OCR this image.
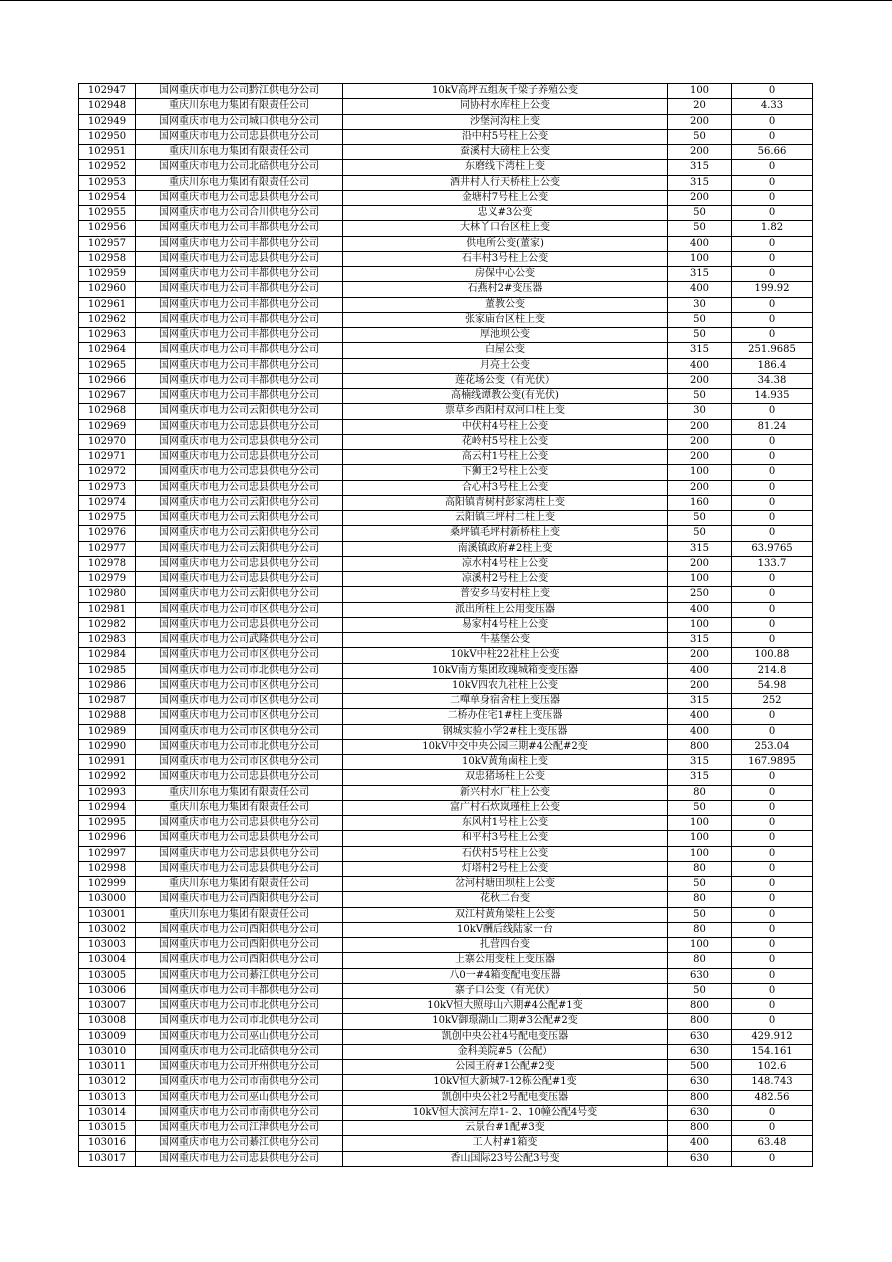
102947	国网重庆市电力公司黔江供电分公司	10kV高坪五组灰千梁子养殖公变	100	0
102948	重庆川东电力集团有限责任公司	同协村水库柱上公变	20	4.33
102949	国网重庆市电力公司城口供电分公司	沙堡河沟柱上变	200	0
102950	国网重庆市电力公司忠县供电分公司	沿中村5号柱上公变	50	0
102951	重庆川东电力集团有限责任公司	蚕溪村大磅柱上公变	200	56.66
102952	国网重庆市电力公司北碚供电分公司	东磨线下湾柱上变	315	0
102953	重庆川东电力集团有限责任公司	酒井村人行天桥柱上公变	315	0
102954	国网重庆市电力公司忠县供电分公司	金塘村7号柱上公变	200	0
102955	国网重庆市电力公司合川供电分公司	忠义#3公变	50	0
102956	国网重庆市电力公司丰都供电分公司	大林丫口台区柱上变	50	1.82
102957	国网重庆市电力公司丰都供电分公司	供电所公变(董家)	400	0
102958	国网重庆市电力公司忠县供电分公司	石丰村3号柱上公变	100	0
102959	国网重庆市电力公司丰都供电分公司	房保中心公变	315	0
102960	国网重庆市电力公司丰都供电分公司	石燕村2#变压器	400	199.92
102961	国网重庆市电力公司丰都供电分公司	董教公变	30	0
102962	国网重庆市电力公司丰都供电分公司	张家庙台区柱上变	50	0
102963	国网重庆市电力公司丰都供电分公司	厚池坝公变	50	0
102964	国网重庆市电力公司丰都供电分公司	白屋公变	315	251.9685
102965	国网重庆市电力公司丰都供电分公司	月亮土公变	400	186.4
102966	国网重庆市电力公司丰都供电分公司	莲花场公变（有光伏）	200	34.38
102967	国网重庆市电力公司丰都供电分公司	高楠线谭教公变(有光伏)	50	14.935
102968	国网重庆市电力公司云阳供电分公司	票草乡西阳村双河口柱上变	30	0
102969	国网重庆市电力公司忠县供电分公司	中伏村4号柱上公变	200	81.24
102970	国网重庆市电力公司忠县供电分公司	花岭村5号柱上公变	200	0
102971	国网重庆市电力公司忠县供电分公司	高云村1号柱上公变	200	0
102972	国网重庆市电力公司忠县供电分公司	下狮王2号柱上公变	100	0
102973	国网重庆市电力公司忠县供电分公司	合心村3号柱上公变	200	0
102974	国网重庆市电力公司云阳供电分公司	高阳镇青树村彭家湾柱上变	160	0
102975	国网重庆市电力公司云阳供电分公司	云阳镇三坪村二柱上变	50	0
102976	国网重庆市电力公司云阳供电分公司	桑坪镇毛坪村新桥柱上变	50	0
102977	国网重庆市电力公司云阳供电分公司	南溪镇政府#2柱上变	315	63.9765
102978	国网重庆市电力公司忠县供电分公司	凉水村4号柱上公变	200	133.7
102979	国网重庆市电力公司忠县供电分公司	凉溪村2号柱上公变	100	0
102980	国网重庆市电力公司云阳供电分公司	普安乡马安村柱上变	250	0
102981	国网重庆市电力公司市区供电分公司	派出所柱上公用变压器	400	0
102982	国网重庆市电力公司忠县供电分公司	易家村4号柱上公变	100	0
102983	国网重庆市电力公司武隆供电分公司	牛基堡公变	315	0
102984	国网重庆市电力公司市区供电分公司	10kV中柱22社柱上公变	200	100.88
102985	国网重庆市电力公司市北供电分公司	10kV南方集团玫瑰城箱变变压器	400	214.8
102986	国网重庆市电力公司市区供电分公司	10kV四农九社柱上公变	200	54.98
102987	国网重庆市电力公司市区供电分公司	二嘽单身宿舍柱上变压器	315	252
102988	国网重庆市电力公司市区供电分公司	二桥办住宅1#柱上变压器	400	0
102989	国网重庆市电力公司市区供电分公司	钢城实验小学2#柱上变压器	400	0
102990	国网重庆市电力公司市北供电分公司	10kV中交中央公园三期#4公配#2变	800	253.04
102991	国网重庆市电力公司市区供电分公司	10kV黄角鹵柱上变	315	167.9895
102992	国网重庆市电力公司忠县供电分公司	双忠猪场柱上公变	315	0
102993	重庆川东电力集团有限责任公司	新兴村水厂柱上公变	80	0
102994	重庆川东电力集团有限责任公司	富广村石炊岚瑾柱上公变	50	0
102995	国网重庆市电力公司忠县供电分公司	东风村1号柱上公变	100	0
102996	国网重庆市电力公司忠县供电分公司	和平村3号柱上公变	100	0
102997	国网重庆市电力公司忠县供电分公司	石伏村5号柱上公变	100	0
102998	国网重庆市电力公司忠县供电分公司	灯塔村2号柱上公变	80	0
102999	重庆川东电力集团有限责任公司	岔河村塘田坝柱上公变	50	0
103000	国网重庆市电力公司酉阳供电分公司	花秋二台变	80	0
103001	重庆川东电力集团有限责任公司	双江村黄角梁柱上公变	50	0
103002	国网重庆市电力公司酉阳供电分公司	10kV酬后线陆家一台	80	0
103003	国网重庆市电力公司酉阳供电分公司	扎营四台变	100	0
103004	国网重庆市电力公司酉阳供电分公司	上寨公用变柱上变压器	80	0
103005	国网重庆市电力公司綦江供电分公司	八0一#4箱变配电变压器	630	0
103006	国网重庆市电力公司丰都供电分公司	寨子口公变（有光伏）	50	0
103007	国网重庆市电力公司市北供电分公司	10kV恒大照母山六期#4公配#1变	800	0
103008	国网重庆市电力公司市北供电分公司	10kV御璟湖山二期#3公配#2变	800	0
103009	国网重庆市电力公司巫山供电分公司	凯创中央公社4号配电变压器	630	429.912
103010	国网重庆市电力公司北碚供电分公司	金科美院#5（公配）	630	154.161
103011	国网重庆市电力公司开州供电分公司	公园王府#1公配#2变	500	102.6
103012	国网重庆市电力公司市南供电分公司	10kV恒大新城7-12栋公配#1变	630	148.743
103013	国网重庆市电力公司巫山供电分公司	凯创中央公社2号配电变压器	800	482.56
103014	国网重庆市电力公司市南供电分公司	10kV恒大滨河左岸1- 2、10幢公配4号变	630	0
103015	国网重庆市电力公司江津供电分公司	云景台#1配#3变	800	0
103016	国网重庆市电力公司綦江供电分公司	工人村#1箱变	400	63.48
103017	国网重庆市电力公司忠县供电分公司	香山国际23号公配3号变	630	0
